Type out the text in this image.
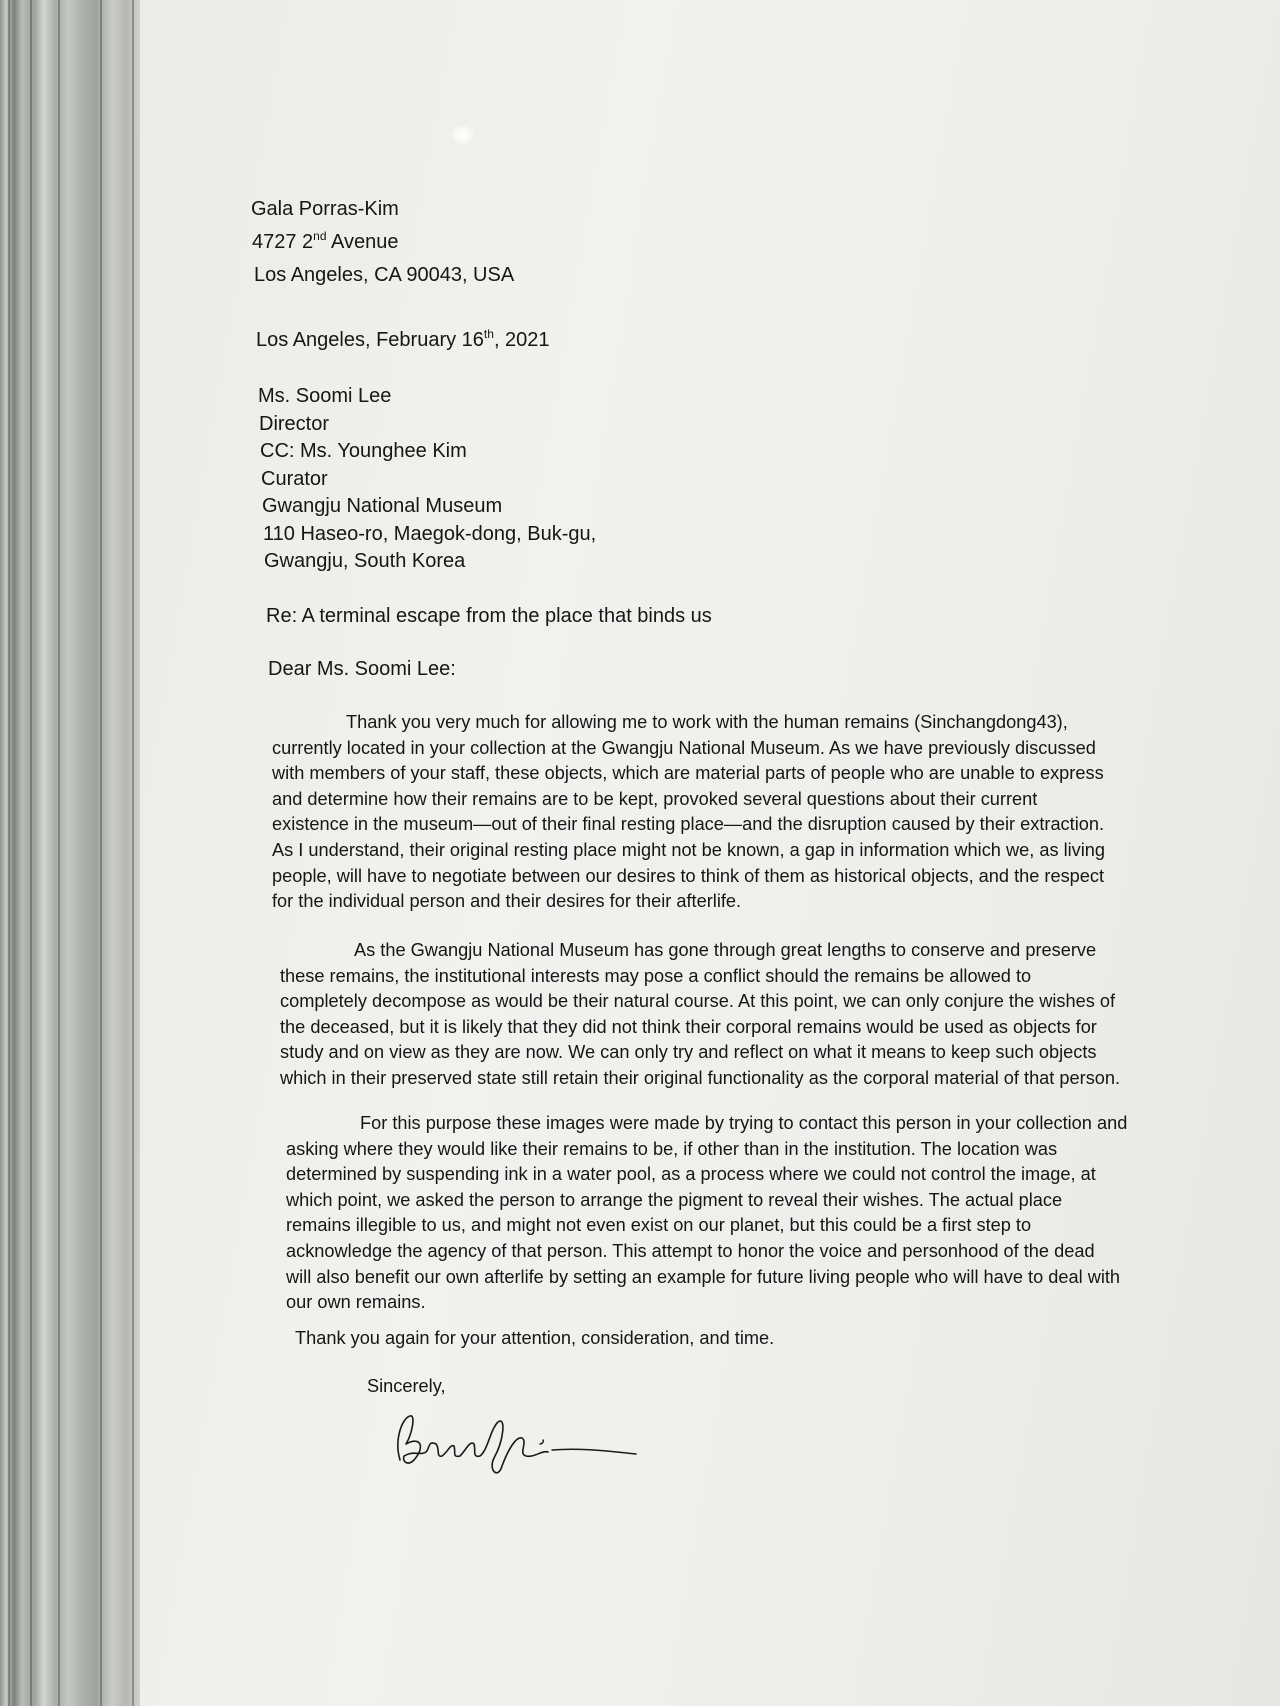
Gala Porras-Kim
4727 2nd Avenue
Los Angeles, CA 90043, USA
Los Angeles, February 16th, 2021
Ms. Soomi Lee
Director
CC: Ms. Younghee Kim
Curator
Gwangju National Museum
110 Haseo-ro, Maegok-dong, Buk-gu,
Gwangju, South Korea
Re: A terminal escape from the place that binds us
Dear Ms. Soomi Lee:
Thank you very much for allowing me to work with the human remains (Sinchangdong43),
currently located in your collection at the Gwangju National Museum. As we have previously discussed
with members of your staff, these objects, which are material parts of people who are unable to express
and determine how their remains are to be kept, provoked several questions about their current
existence in the museum—out of their final resting place—and the disruption caused by their extraction.
As I understand, their original resting place might not be known, a gap in information which we, as living
people, will have to negotiate between our desires to think of them as historical objects, and the respect
for the individual person and their desires for their afterlife.
As the Gwangju National Museum has gone through great lengths to conserve and preserve
these remains, the institutional interests may pose a conflict should the remains be allowed to
completely decompose as would be their natural course. At this point, we can only conjure the wishes of
the deceased, but it is likely that they did not think their corporal remains would be used as objects for
study and on view as they are now. We can only try and reflect on what it means to keep such objects
which in their preserved state still retain their original functionality as the corporal material of that person.
For this purpose these images were made by trying to contact this person in your collection and
asking where they would like their remains to be, if other than in the institution. The location was
determined by suspending ink in a water pool, as a process where we could not control the image, at
which point, we asked the person to arrange the pigment to reveal their wishes. The actual place
remains illegible to us, and might not even exist on our planet, but this could be a first step to
acknowledge the agency of that person. This attempt to honor the voice and personhood of the dead
will also benefit our own afterlife by setting an example for future living people who will have to deal with
our own remains.
Thank you again for your attention, consideration, and time.
Sincerely,
